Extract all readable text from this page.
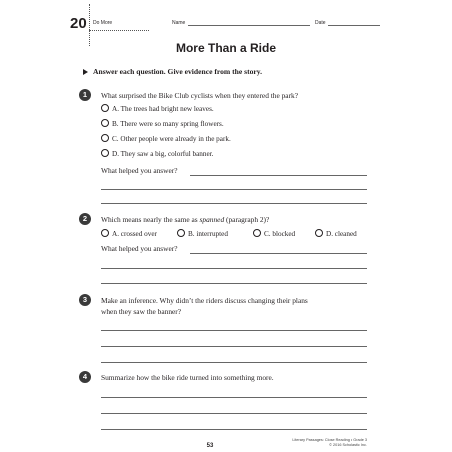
20 Do More	Name	Date
More Than a Ride
Answer each question. Give evidence from the story.
1	What surprised the Bike Club cyclists when they entered the park?
A. The trees had bright new leaves.
B. There were so many spring flowers.
C. Other people were already in the park.
D. They saw a big, colorful banner.
What helped you answer?
2	Which means nearly the same as spanned (paragraph 2)?
A. crossed over	B. interrupted	C. blocked	D. cleaned
What helped you answer?
3	Make an inference. Why didn’t the riders discuss changing their plans
when they saw the banner?
4	Summarize how the bike ride turned into something more.
53
Literary Passages: Close Reading • Grade 3
© 2016 Scholastic Inc.
